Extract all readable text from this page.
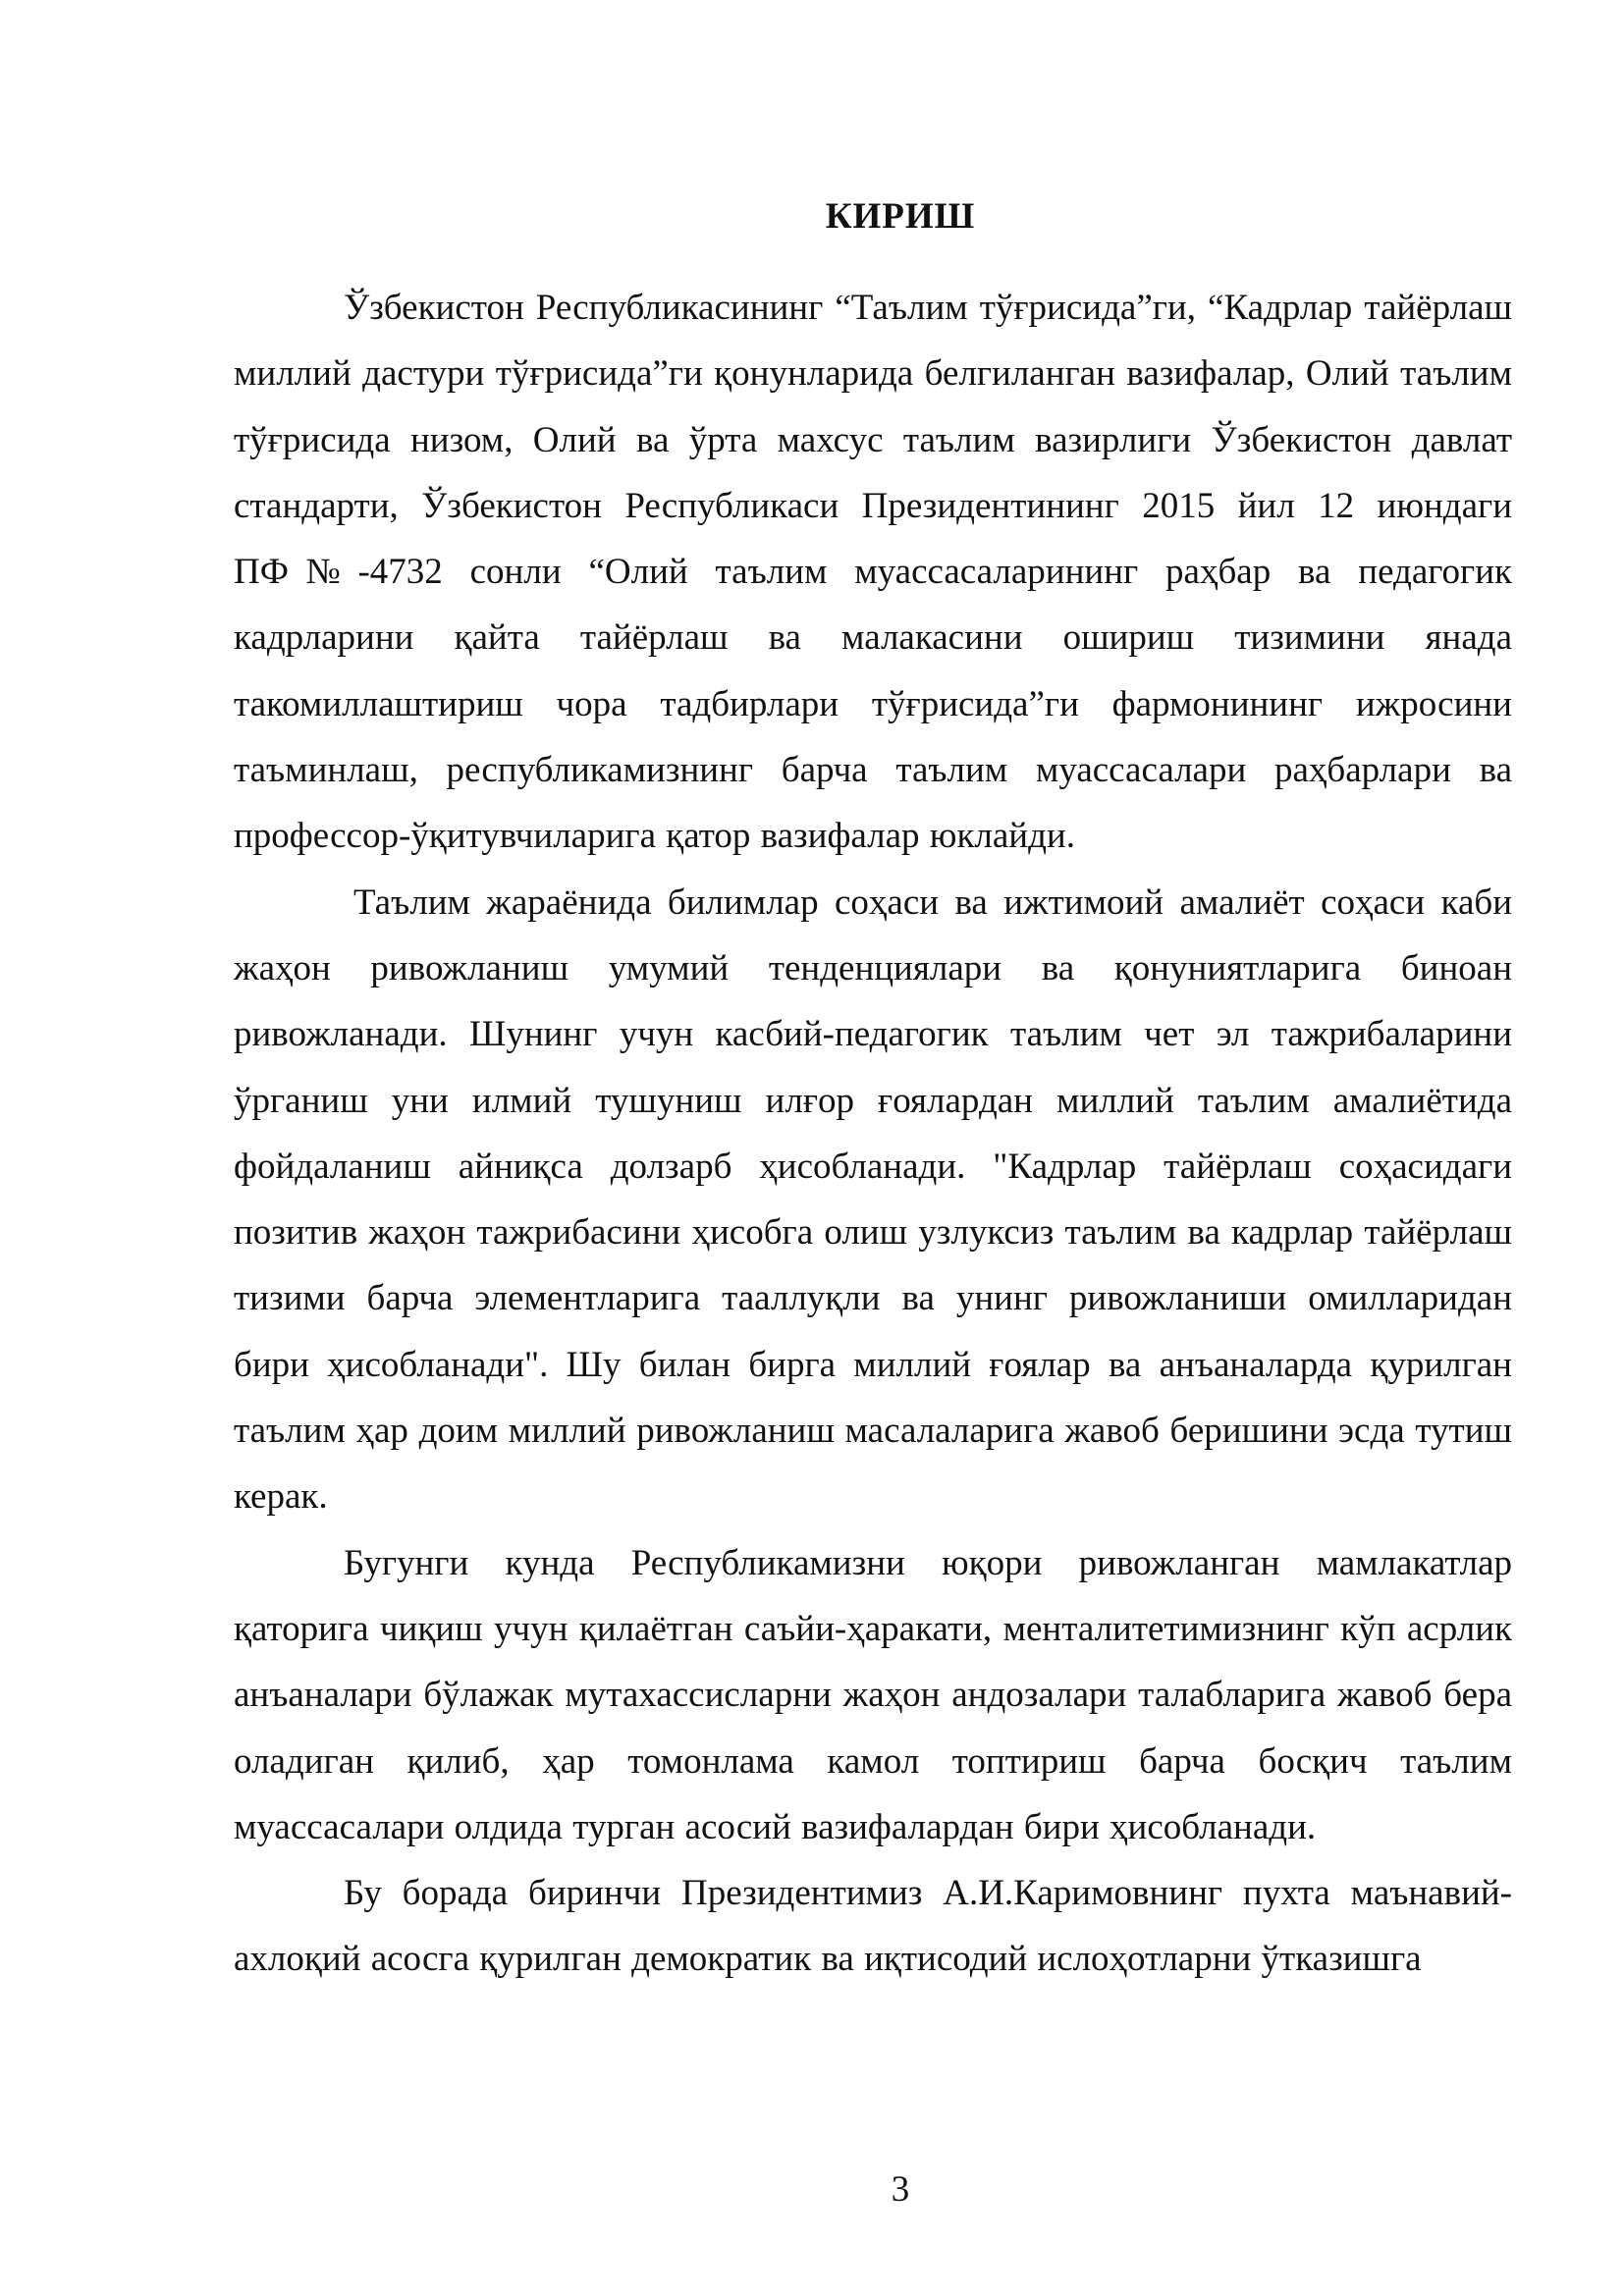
КИРИШ

Ўзбекистон Республикасининг “Таълим тўғрисида”ги, “Кадрлар тайёрлаш миллий дастури тўғрисида”ги қонунларида белгиланган вазифалар, Олий таълим тўғрисида низом, Олий ва ўрта махсус таълим вазирлиги Ўзбекистон давлат стандарти, Ўзбекистон Республикаси Президентининг 2015 йил 12 июндаги ПФ№-4732 сонли “Олий таълим муассасаларининг раҳбар ва педагогик кадрларини қайта тайёрлаш ва малакасини ошириш тизимини янада такомиллаштириш чора тадбирлари тўғрисида”ги фармонининг ижросини таъминлаш, республикамизнинг барча таълим муассасалари раҳбарлари ва профессор-ўқитувчиларига қатор вазифалар юклайди.

Таълим жараёнида билимлар соҳаси ва ижтимоий амалиёт соҳаси каби жаҳон ривожланиш умумий тенденциялари ва қонуниятларига биноан ривожланади. Шунинг учун касбий-педагогик таълим чет эл тажрибаларини ўрганиш уни илмий тушуниш илғор ғоялардан миллий таълим амалиётида фойдаланиш айниқса долзарб ҳисобланади. "Кадрлар тайёрлаш соҳасидаги позитив жаҳон тажрибасини ҳисобга олиш узлуксиз таълим ва кадрлар тайёрлаш тизими барча элементларига тааллуқли ва унинг ривожланиши омилларидан бири ҳисобланади". Шу билан бирга миллий ғоялар ва анъаналарда қурилган таълим ҳар доим миллий ривожланиш масалаларига жавоб беришини эсда тутиш керак.

Бугунги кунда Республикамизни юқори ривожланган мамлакатлар қаторига чиқиш учун қилаётган саъйи-ҳаракати, менталитетимизнинг кўп асрлик анъаналари бўлажак мутахассисларни жаҳон андозалари талабларига жавоб бера оладиган қилиб, ҳар томонлама камол топтириш барча босқич таълим муассасалари олдида турган асосий вазифалардан бири ҳисобланади.

Бу борада биринчи Президентимиз А.И.Каримовнинг пухта маънавий-ахлоқий асосга қурилган демократик ва иқтисодий ислоҳотларни ўтказишга

3
